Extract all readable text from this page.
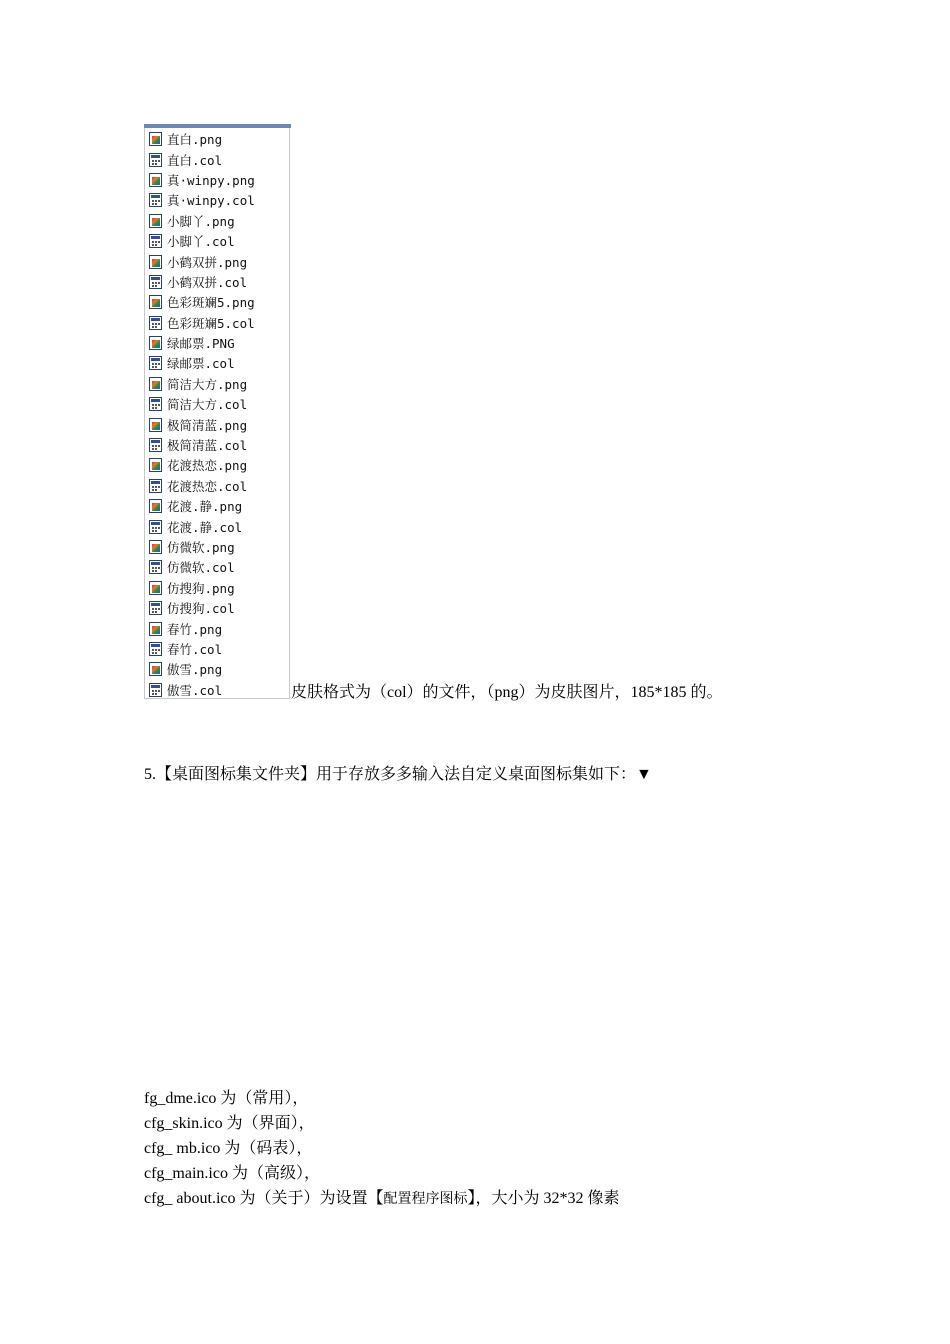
直白.png
直白.col
真·winpy.png
真·winpy.col
小脚丫.png
小脚丫.col
小鹤双拼.png
小鹤双拼.col
色彩斑斓5.png
色彩斑斓5.col
绿邮票.PNG
绿邮票.col
简洁大方.png
简洁大方.col
极简清蓝.png
极简清蓝.col
花渡热恋.png
花渡热恋.col
花渡.静.png
花渡.静.col
仿微软.png
仿微软.col
仿搜狗.png
仿搜狗.col
春竹.png
春竹.col
傲雪.png
傲雪.col	皮肤格式为（col）的文件，（png）为皮肤图片，185*185 的。
5.【桌面图标集文件夹】用于存放多多输入法自定义桌面图标集如下：▼
fg_dme.ico 为（常用），
cfg_skin.ico 为（界面），
cfg_ mb.ico 为（码表），
cfg_main.ico 为（高级），
cfg_ about.ico 为（关于）为设置【配置程序图标】，大小为 32*32 像素
